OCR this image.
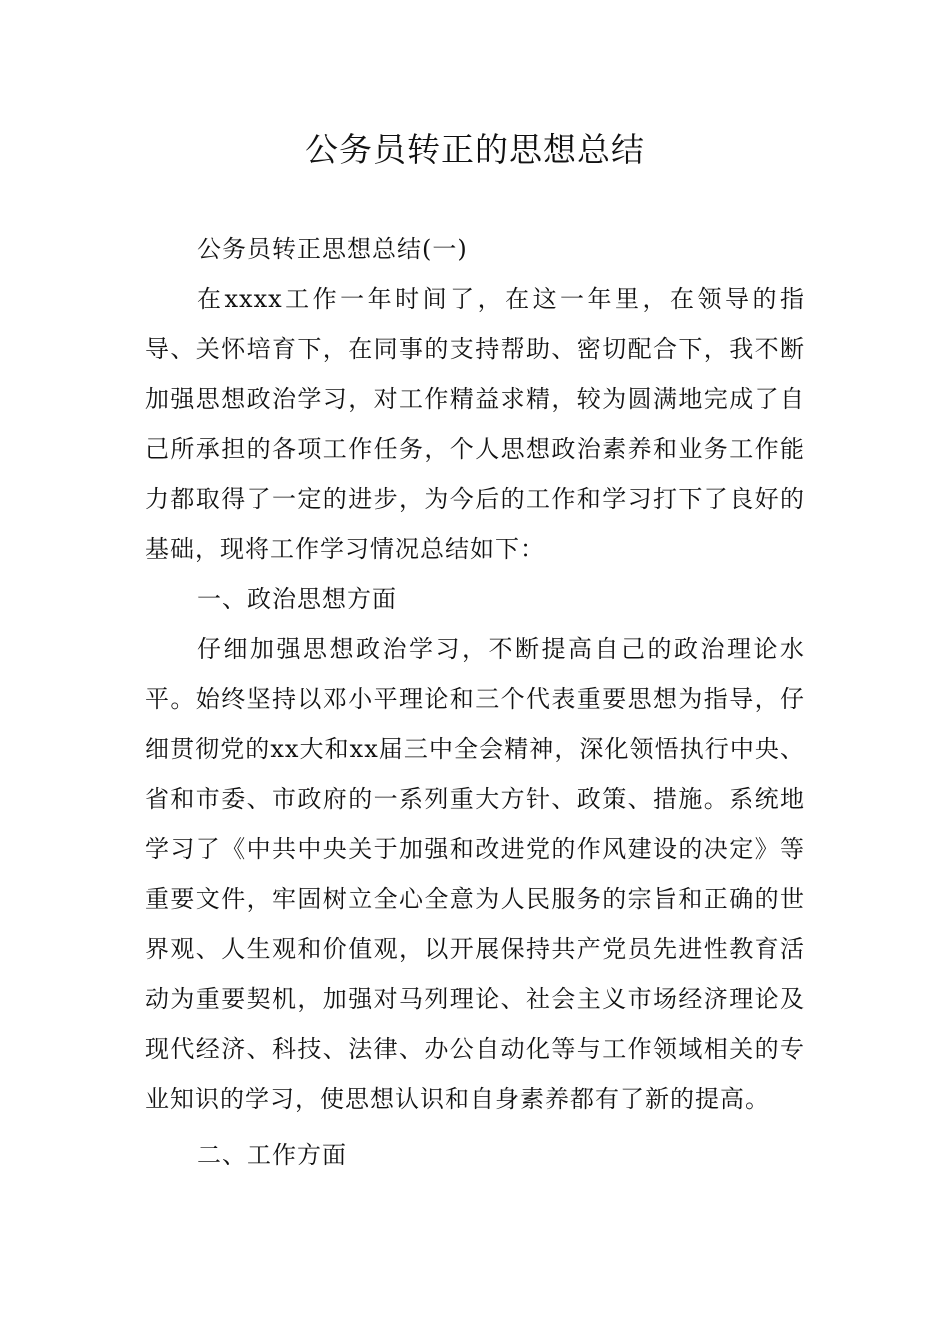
公务员转正的思想总结

公务员转正思想总结(一)

在xxxx工作一年时间了，在这一年里，在领导的指导、关怀培育下，在同事的支持帮助、密切配合下，我不断加强思想政治学习，对工作精益求精，较为圆满地完成了自己所承担的各项工作任务，个人思想政治素养和业务工作能力都取得了一定的进步，为今后的工作和学习打下了良好的基础，现将工作学习情况总结如下：

一、政治思想方面

仔细加强思想政治学习，不断提高自己的政治理论水平。始终坚持以邓小平理论和三个代表重要思想为指导，仔细贯彻党的xx大和xx届三中全会精神，深化领悟执行中央、省和市委、市政府的一系列重大方针、政策、措施。系统地学习了《中共中央关于加强和改进党的作风建设的决定》等重要文件，牢固树立全心全意为人民服务的宗旨和正确的世界观、人生观和价值观，以开展保持共产党员先进性教育活动为重要契机，加强对马列理论、社会主义市场经济理论及现代经济、科技、法律、办公自动化等与工作领域相关的专业知识的学习，使思想认识和自身素养都有了新的提高。

二、工作方面
